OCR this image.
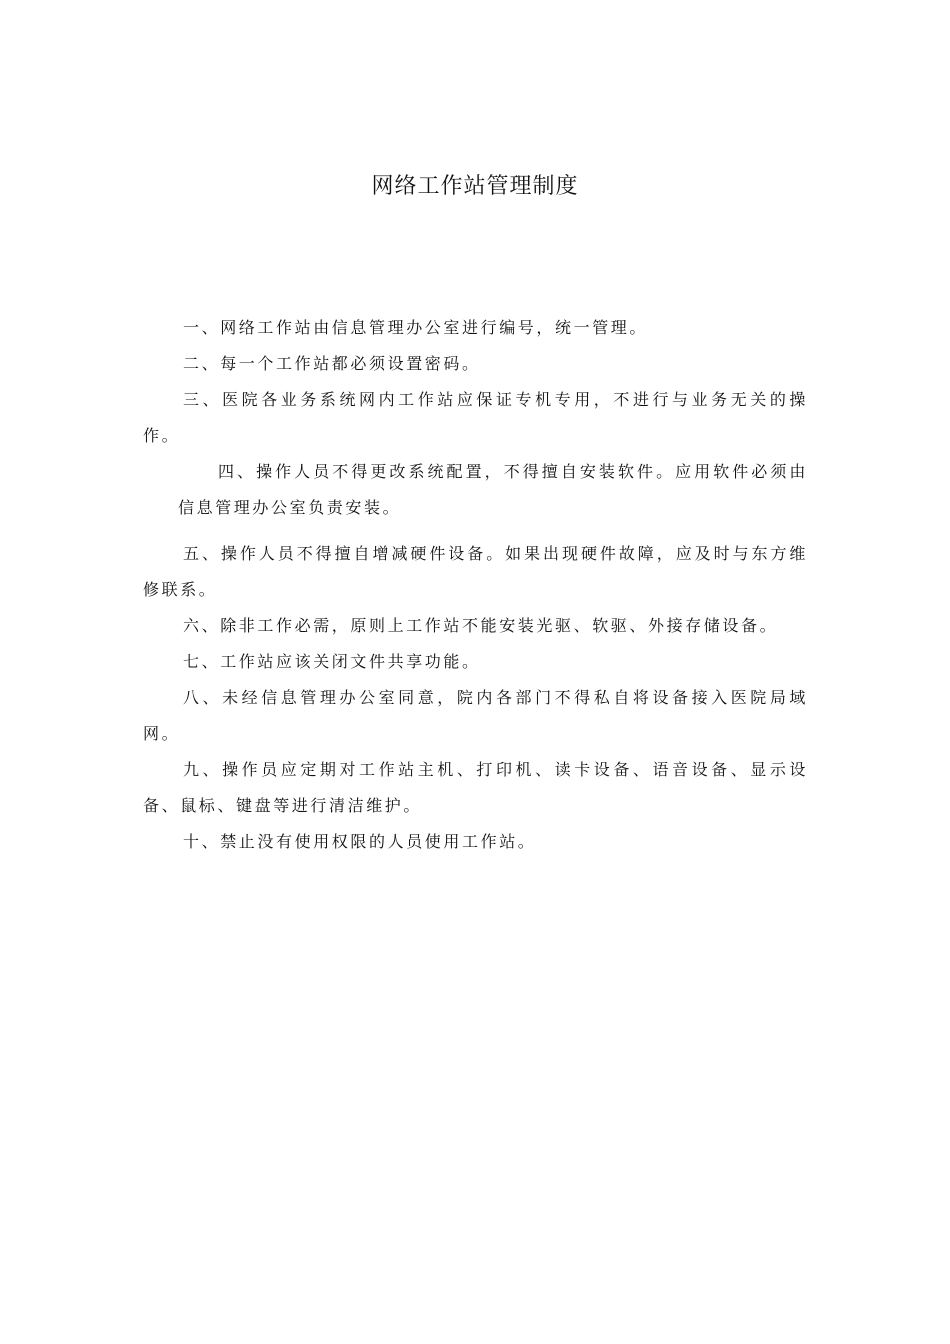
网络工作站管理制度

一、网络工作站由信息管理办公室进行编号，统一管理。

二、每一个工作站都必须设置密码。

三、医院各业务系统网内工作站应保证专机专用，不进行与业务无关的操作。

四、操作人员不得更改系统配置，不得擅自安装软件。应用软件必须由信息管理办公室负责安装。

五、操作人员不得擅自增减硬件设备。如果出现硬件故障，应及时与东方维修联系。

六、除非工作必需，原则上工作站不能安装光驱、软驱、外接存储设备。

七、工作站应该关闭文件共享功能。

八、未经信息管理办公室同意，院内各部门不得私自将设备接入医院局域网。

九、操作员应定期对工作站主机、打印机、读卡设备、语音设备、显示设备、鼠标、键盘等进行清洁维护。

十、禁止没有使用权限的人员使用工作站。
